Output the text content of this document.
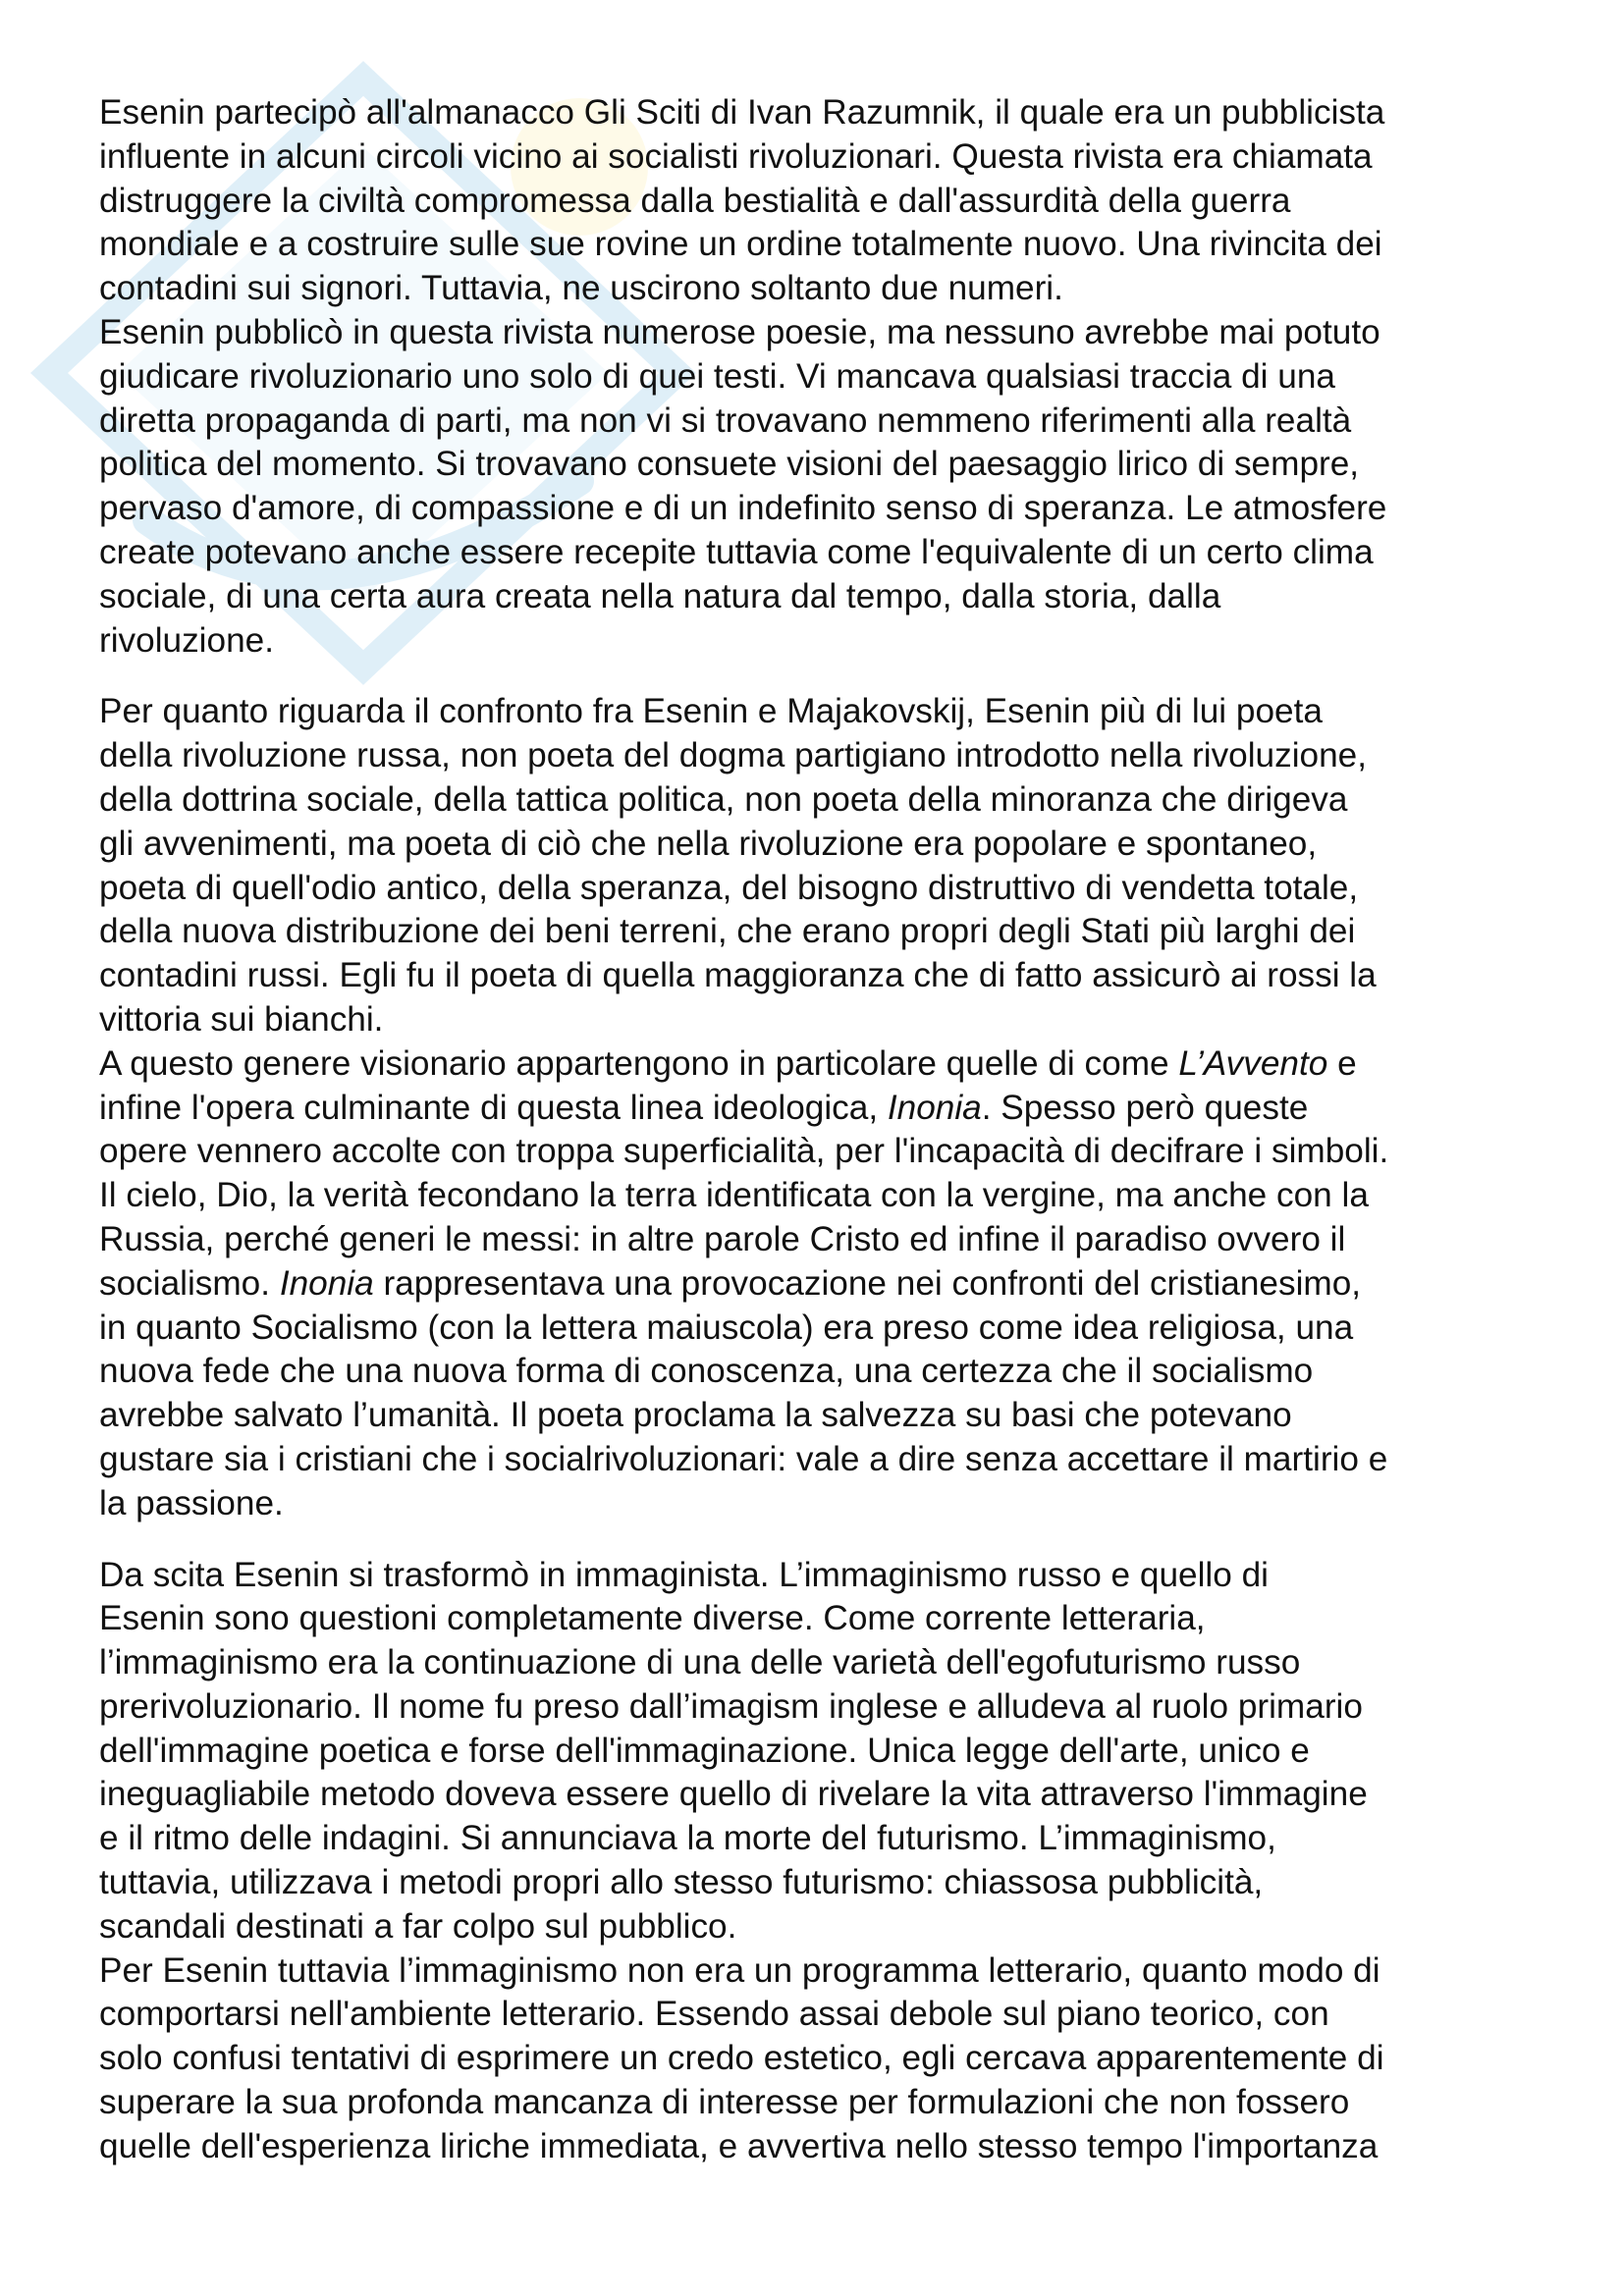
Esenin partecipò all'almanacco Gli Sciti di Ivan Razumnik, il quale era un pubblicista
influente in alcuni circoli vicino ai socialisti rivoluzionari. Questa rivista era chiamata
distruggere la civiltà compromessa dalla bestialità e dall'assurdità della guerra
mondiale e a costruire sulle sue rovine un ordine totalmente nuovo. Una rivincita dei
contadini sui signori. Tuttavia, ne uscirono soltanto due numeri.
Esenin pubblicò in questa rivista numerose poesie, ma nessuno avrebbe mai potuto
giudicare rivoluzionario uno solo di quei testi. Vi mancava qualsiasi traccia di una
diretta propaganda di parti, ma non vi si trovavano nemmeno riferimenti alla realtà
politica del momento. Si trovavano consuete visioni del paesaggio lirico di sempre,
pervaso d'amore, di compassione e di un indefinito senso di speranza. Le atmosfere
create potevano anche essere recepite tuttavia come l'equivalente di un certo clima
sociale, di una certa aura creata nella natura dal tempo, dalla storia, dalla
rivoluzione.

Per quanto riguarda il confronto fra Esenin e Majakovskij, Esenin più di lui poeta
della rivoluzione russa, non poeta del dogma partigiano introdotto nella rivoluzione,
della dottrina sociale, della tattica politica, non poeta della minoranza che dirigeva
gli avvenimenti, ma poeta di ciò che nella rivoluzione era popolare e spontaneo,
poeta di quell'odio antico, della speranza, del bisogno distruttivo di vendetta totale,
della nuova distribuzione dei beni terreni, che erano propri degli Stati più larghi dei
contadini russi. Egli fu il poeta di quella maggioranza che di fatto assicurò ai rossi la
vittoria sui bianchi.
A questo genere visionario appartengono in particolare quelle di come L’Avvento e
infine l'opera culminante di questa linea ideologica, Inonia. Spesso però queste
opere vennero accolte con troppa superficialità, per l'incapacità di decifrare i simboli.
Il cielo, Dio, la verità fecondano la terra identificata con la vergine, ma anche con la
Russia, perché generi le messi: in altre parole Cristo ed infine il paradiso ovvero il
socialismo. Inonia rappresentava una provocazione nei confronti del cristianesimo,
in quanto Socialismo (con la lettera maiuscola) era preso come idea religiosa, una
nuova fede che una nuova forma di conoscenza, una certezza che il socialismo
avrebbe salvato l’umanità. Il poeta proclama la salvezza su basi che potevano
gustare sia i cristiani che i socialrivoluzionari: vale a dire senza accettare il martirio e
la passione.

Da scita Esenin si trasformò in immaginista. L’immaginismo russo e quello di
Esenin sono questioni completamente diverse. Come corrente letteraria,
l’immaginismo era la continuazione di una delle varietà dell'egofuturismo russo
prerivoluzionario. Il nome fu preso dall’imagism inglese e alludeva al ruolo primario
dell'immagine poetica e forse dell'immaginazione. Unica legge dell'arte, unico e
ineguagliabile metodo doveva essere quello di rivelare la vita attraverso l'immagine
e il ritmo delle indagini. Si annunciava la morte del futurismo. L’immaginismo,
tuttavia, utilizzava i metodi propri allo stesso futurismo: chiassosa pubblicità,
scandali destinati a far colpo sul pubblico.
Per Esenin tuttavia l’immaginismo non era un programma letterario, quanto modo di
comportarsi nell'ambiente letterario. Essendo assai debole sul piano teorico, con
solo confusi tentativi di esprimere un credo estetico, egli cercava apparentemente di
superare la sua profonda mancanza di interesse per formulazioni che non fossero
quelle dell'esperienza liriche immediata, e avvertiva nello stesso tempo l'importanza
